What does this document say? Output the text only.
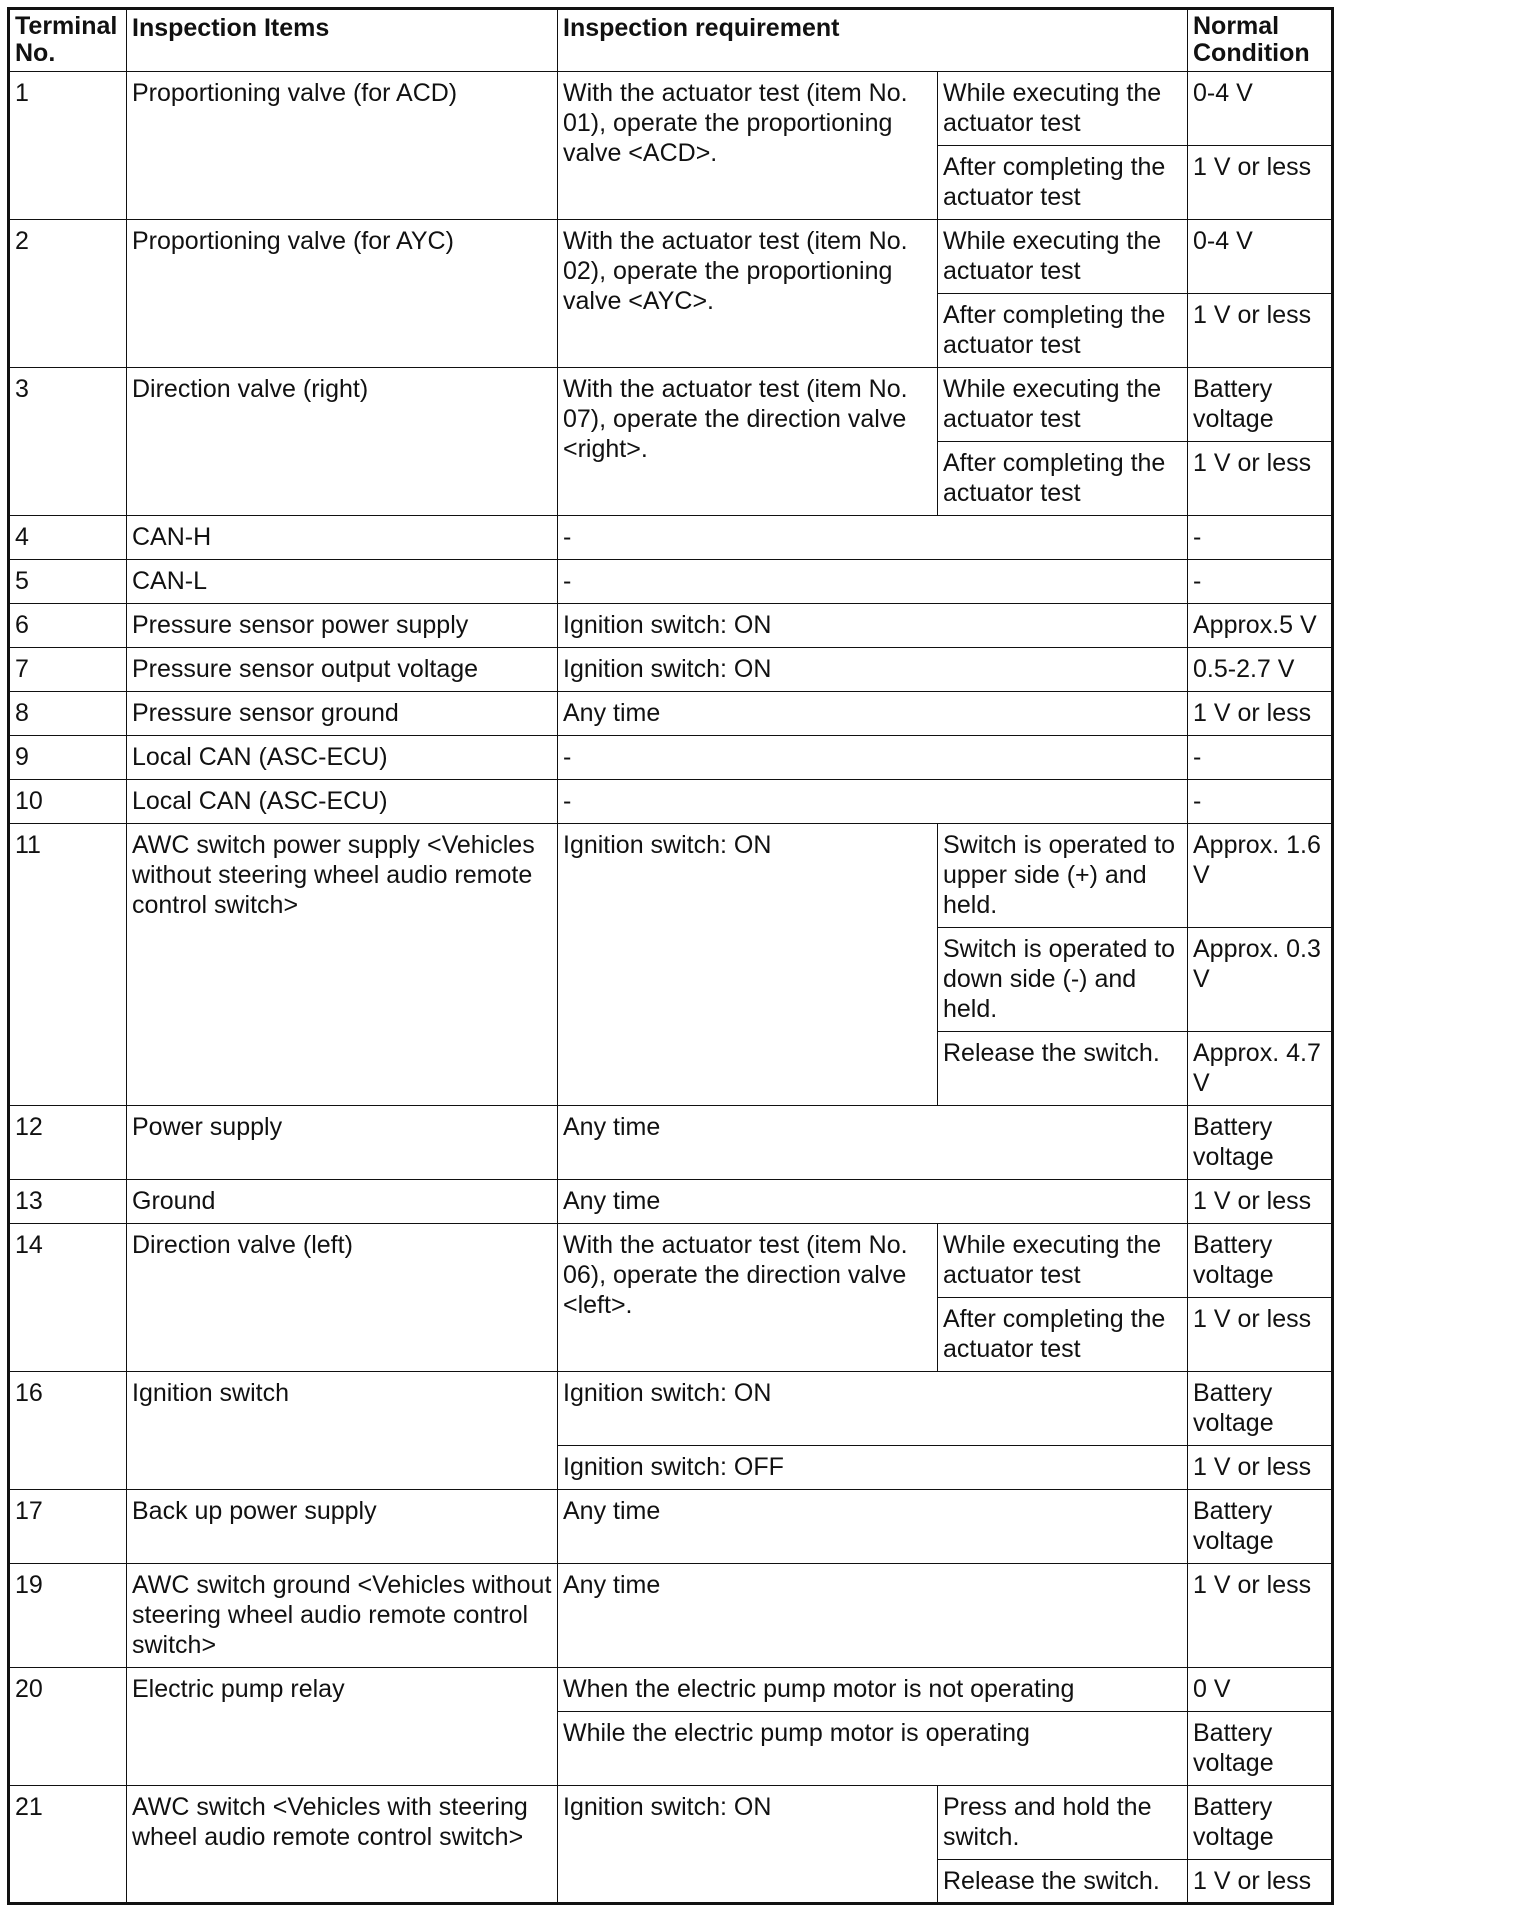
Terminal No.	Inspection Items	Inspection requirement		Normal Condition
1	Proportioning valve (for ACD)	With the actuator test (item No. 01), operate the proportioning valve <ACD>.	While executing the actuator test	0-4 V
			After completing the actuator test	1 V or less
2	Proportioning valve (for AYC)	With the actuator test (item No. 02), operate the proportioning valve <AYC>.	While executing the actuator test	0-4 V
			After completing the actuator test	1 V or less
3	Direction valve (right)	With the actuator test (item No. 07), operate the direction valve <right>.	While executing the actuator test	Battery voltage
			After completing the actuator test	1 V or less
4	CAN-H	-		-
5	CAN-L	-		-
6	Pressure sensor power supply	Ignition switch: ON		Approx.5 V
7	Pressure sensor output voltage	Ignition switch: ON		0.5-2.7 V
8	Pressure sensor ground	Any time		1 V or less
9	Local CAN (ASC-ECU)	-		-
10	Local CAN (ASC-ECU)	-		-
11	AWC switch power supply <Vehicles without steering wheel audio remote control switch>	Ignition switch: ON	Switch is operated to upper side (+) and held.	Approx. 1.6 V
			Switch is operated to down side (-) and held.	Approx. 0.3 V
			Release the switch.	Approx. 4.7 V
12	Power supply	Any time		Battery voltage
13	Ground	Any time		1 V or less
14	Direction valve (left)	With the actuator test (item No. 06), operate the direction valve <left>.	While executing the actuator test	Battery voltage
			After completing the actuator test	1 V or less
16	Ignition switch	Ignition switch: ON		Battery voltage
		Ignition switch: OFF		1 V or less
17	Back up power supply	Any time		Battery voltage
19	AWC switch ground <Vehicles without steering wheel audio remote control switch>	Any time		1 V or less
20	Electric pump relay	When the electric pump motor is not operating		0 V
		While the electric pump motor is operating		Battery voltage
21	AWC switch <Vehicles with steering wheel audio remote control switch>	Ignition switch: ON	Press and hold the switch.	Battery voltage
			Release the switch.	1 V or less
